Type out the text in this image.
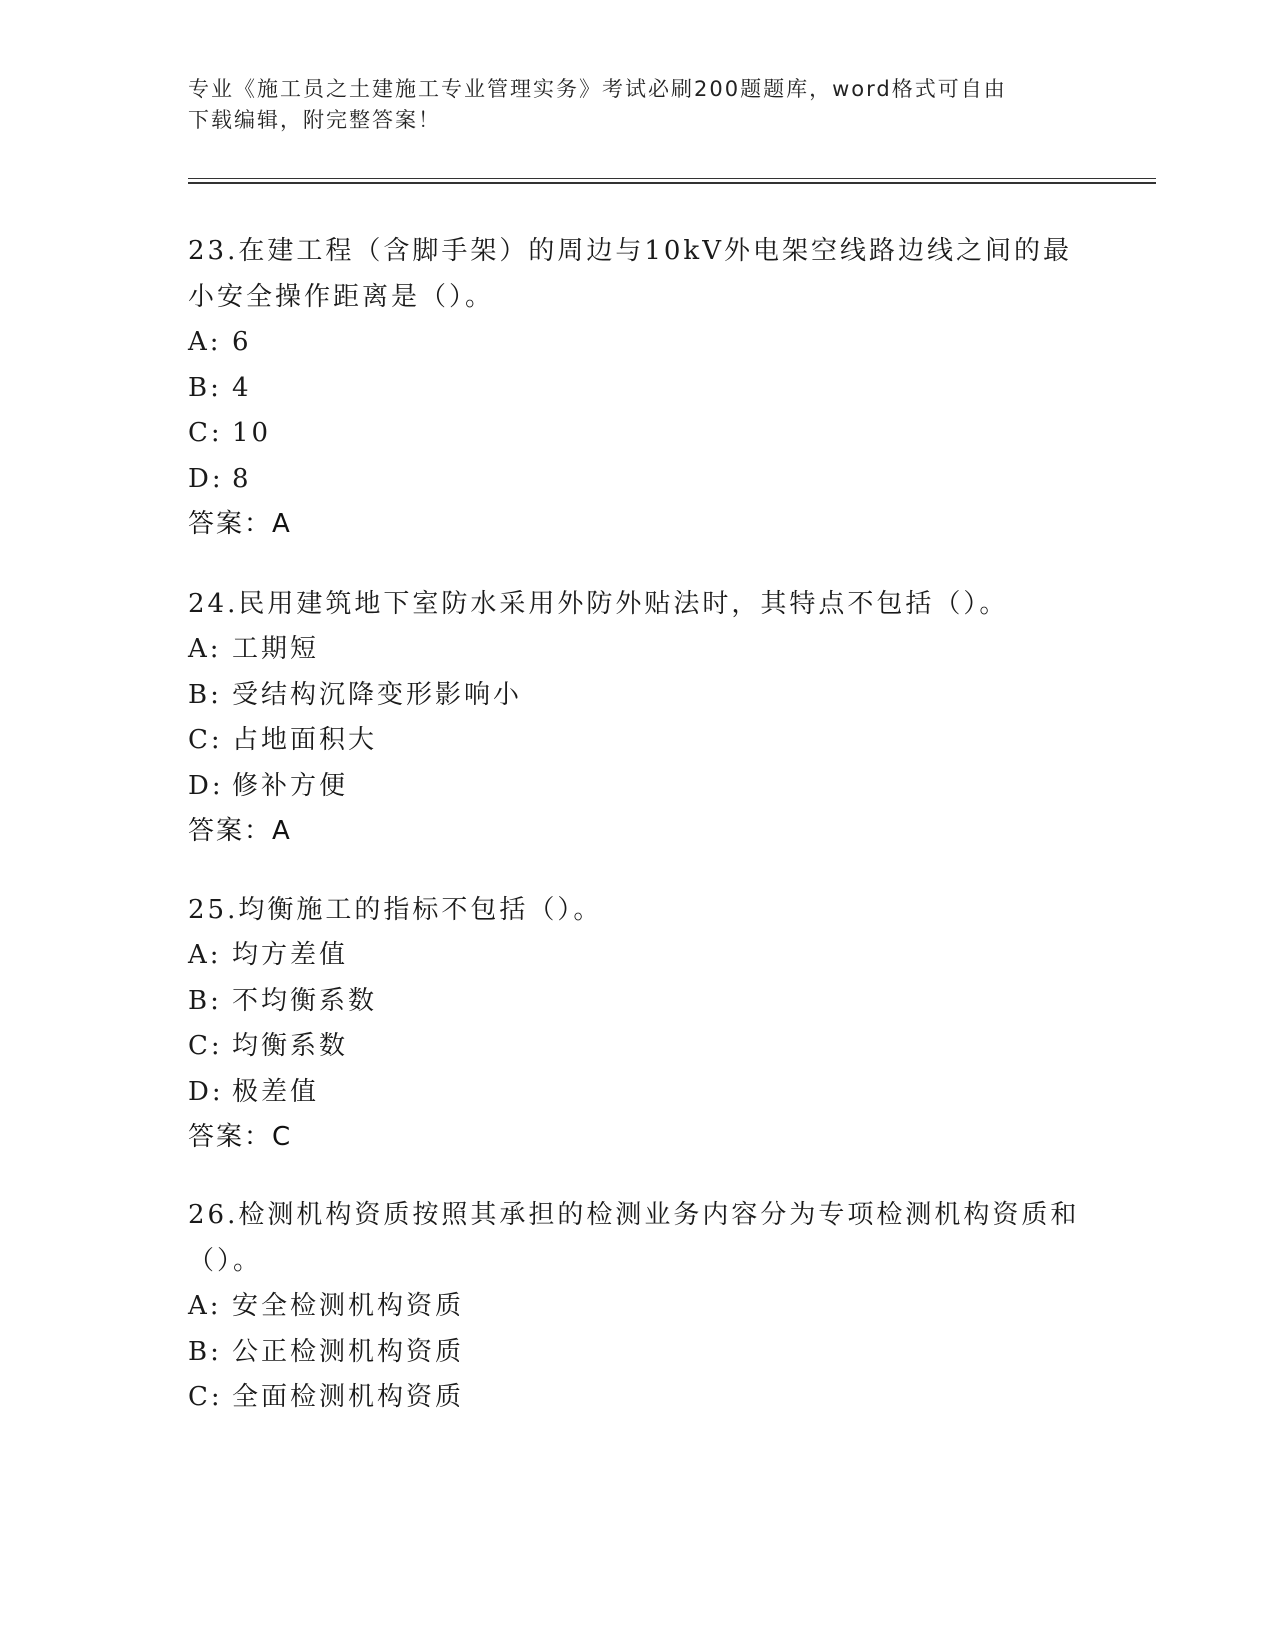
专业《施工员之土建施工专业管理实务》考试必刷200题题库，word格式可自由
下载编辑，附完整答案！
23.在建工程（含脚手架）的周边与10kV外电架空线路边线之间的最
小安全操作距离是（）。
A: 6
B: 4
C: 10
D: 8
答案：A
24.民用建筑地下室防水采用外防外贴法时，其特点不包括（）。
A: 工期短
B: 受结构沉降变形影响小
C: 占地面积大
D: 修补方便
答案：A
25.均衡施工的指标不包括（）。
A: 均方差值
B: 不均衡系数
C: 均衡系数
D: 极差值
答案：C
26.检测机构资质按照其承担的检测业务内容分为专项检测机构资质和
（）。
A: 安全检测机构资质
B: 公正检测机构资质
C: 全面检测机构资质
